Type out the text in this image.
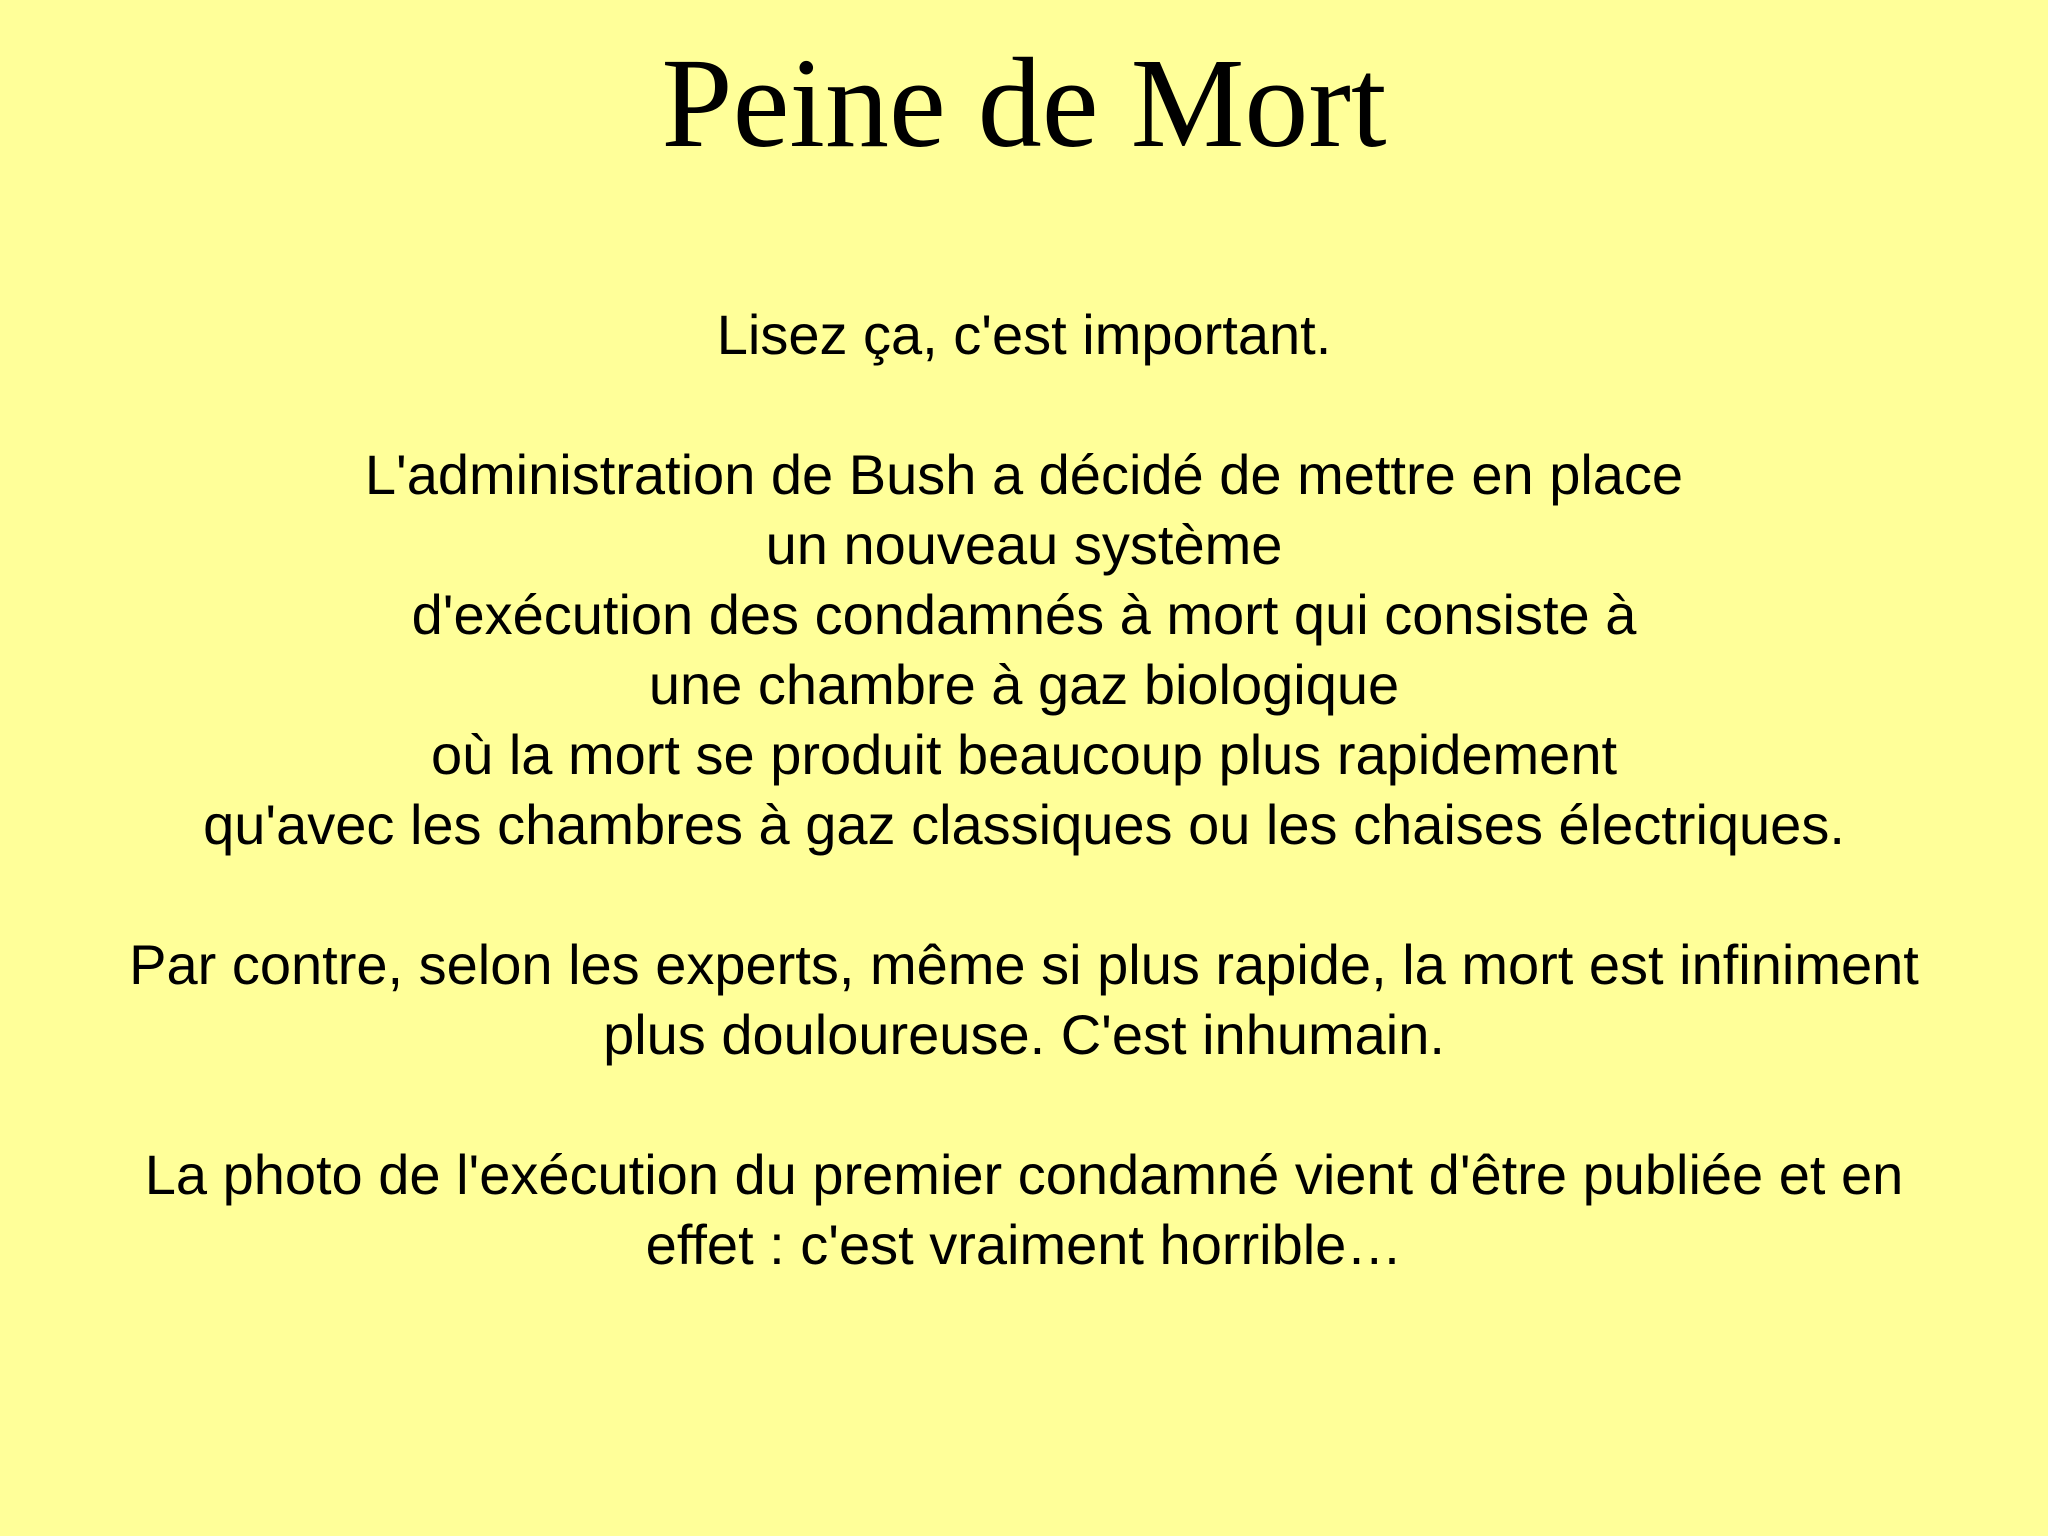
Peine de Mort
Lisez ça, c'est important.
L'administration de Bush a décidé de mettre en place
un nouveau système
d'exécution des condamnés à mort qui consiste à
une chambre à gaz biologique
où la mort se produit beaucoup plus rapidement
qu'avec les chambres à gaz classiques ou les chaises électriques.
Par contre, selon les experts, même si plus rapide, la mort est infiniment
plus douloureuse. C'est inhumain.
La photo de l'exécution du premier condamné vient d'être publiée et en
effet : c'est vraiment horrible…
